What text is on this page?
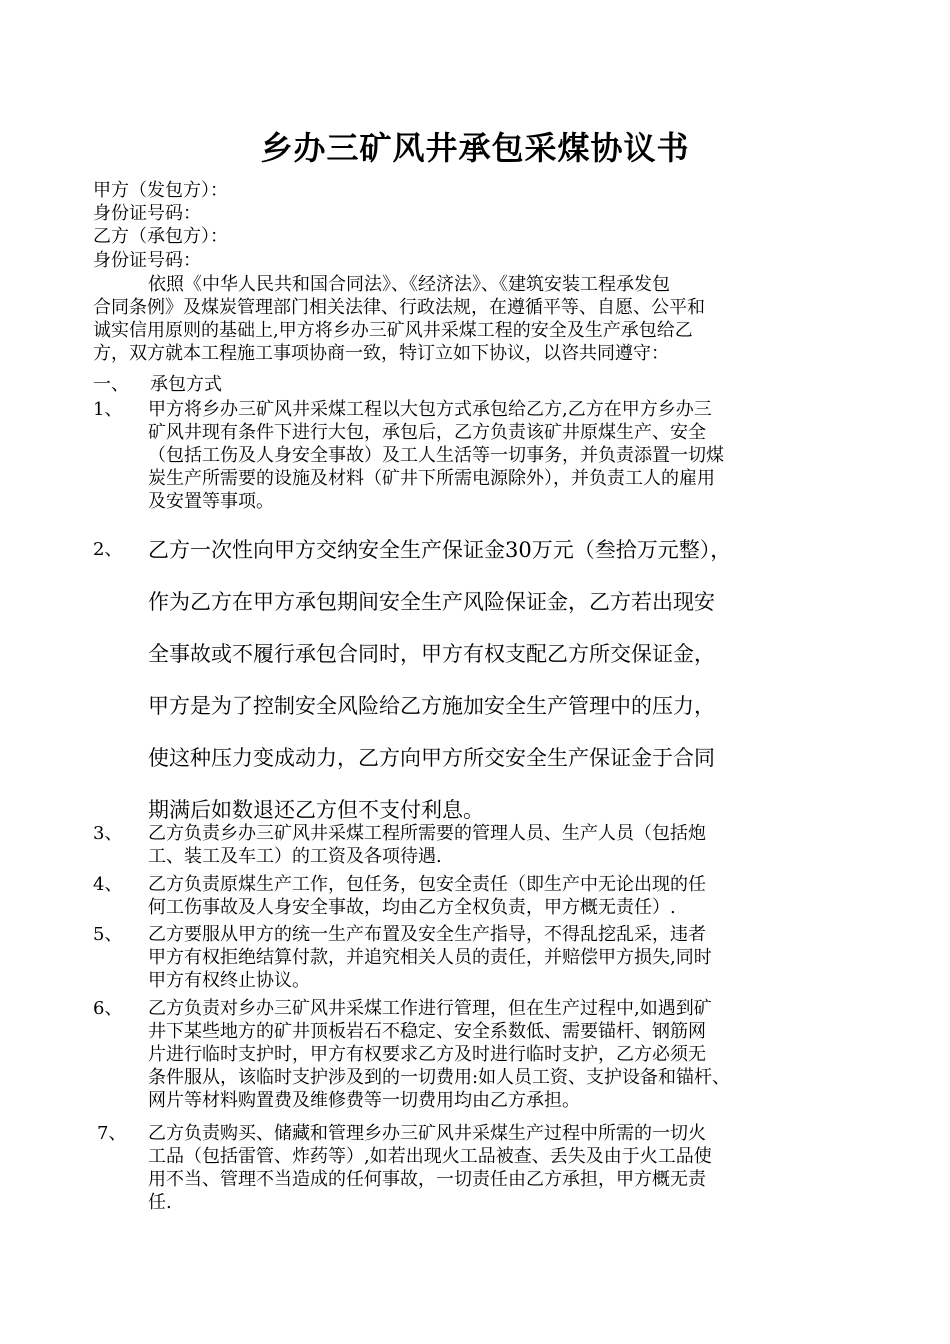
乡办三矿风井承包采煤协议书
甲方（发包方）：
身份证号码：
乙方（承包方）：
身份证号码：
依照《中华人民共和国合同法》、《经济法》、《建筑安装工程承发包
合同条例》及煤炭管理部门相关法律、行政法规，在遵循平等、自愿、公平和
诚实信用原则的基础上,甲方将乡办三矿风井采煤工程的安全及生产承包给乙
方，双方就本工程施工事项协商一致，特订立如下协议，以咨共同遵守：
一、 承包方式
1、 甲方将乡办三矿风井采煤工程以大包方式承包给乙方,乙方在甲方乡办三
矿风井现有条件下进行大包，承包后，乙方负责该矿井原煤生产、安全
（包括工伤及人身安全事故）及工人生活等一切事务，并负责添置一切煤
炭生产所需要的设施及材料（矿井下所需电源除外），并负责工人的雇用
及安置等事项。
2、 乙方一次性向甲方交纳安全生产保证金30万元（叁拾万元整），
作为乙方在甲方承包期间安全生产风险保证金，乙方若出现安
全事故或不履行承包合同时，甲方有权支配乙方所交保证金，
甲方是为了控制安全风险给乙方施加安全生产管理中的压力，
使这种压力变成动力，乙方向甲方所交安全生产保证金于合同
期满后如数退还乙方但不支付利息。
3、 乙方负责乡办三矿风井采煤工程所需要的管理人员、生产人员（包括炮
工、装工及车工）的工资及各项待遇.
4、 乙方负责原煤生产工作，包任务，包安全责任（即生产中无论出现的任
何工伤事故及人身安全事故，均由乙方全权负责，甲方概无责任）.
5、 乙方要服从甲方的统一生产布置及安全生产指导，不得乱挖乱采，违者
甲方有权拒绝结算付款，并追究相关人员的责任，并赔偿甲方损失,同时
甲方有权终止协议。
6、 乙方负责对乡办三矿风井采煤工作进行管理，但在生产过程中,如遇到矿
井下某些地方的矿井顶板岩石不稳定、安全系数低、需要锚杆、钢筋网
片进行临时支护时，甲方有权要求乙方及时进行临时支护，乙方必须无
条件服从，该临时支护涉及到的一切费用:如人员工资、支护设备和锚杆、
网片等材料购置费及维修费等一切费用均由乙方承担。
7、 乙方负责购买、储藏和管理乡办三矿风井采煤生产过程中所需的一切火
工品（包括雷管、炸药等）,如若出现火工品被查、丢失及由于火工品使
用不当、管理不当造成的任何事故，一切责任由乙方承担，甲方概无责
任.
